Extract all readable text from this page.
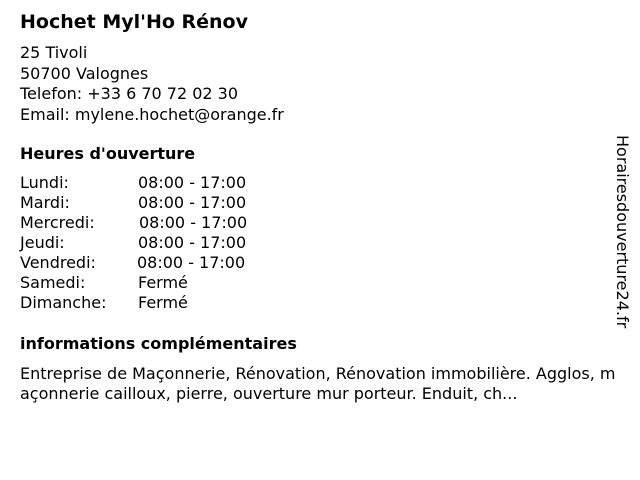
Hochet Myl'Ho Rénov
25 Tivoli
50700 Valognes
Telefon: +33 6 70 72 02 30
Email: mylene.hochet@orange.fr
Heures d'ouverture
Lundi:	08:00 - 17:00
Mardi:	08:00 - 17:00
Mercredi:	08:00 - 17:00
Jeudi:	08:00 - 17:00
Vendredi:	08:00 - 17:00
Samedi:	Fermé
Dimanche: Fermé
informations complémentaires
Entreprise de Maçonnerie, Rénovation, Rénovation immobilière. Agglos, maçonnerie cailloux, pierre, ouverture mur porteur. Enduit, ch...
Horairesdouverture24.fr
